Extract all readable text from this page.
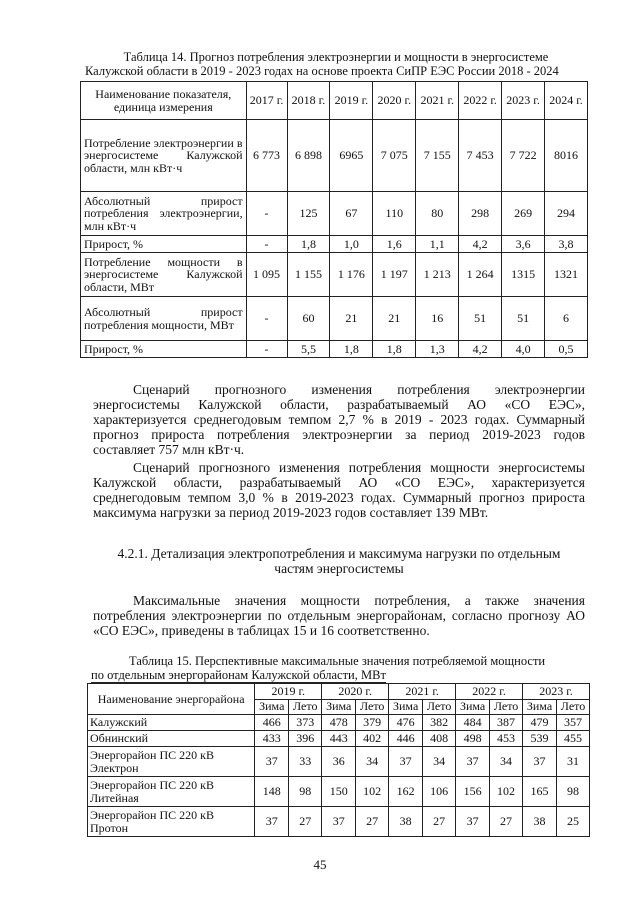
Таблица 14. Прогноз потребления электроэнергии и мощности в энергосистеме
Калужской области в 2019 - 2023 годах на основе проекта СиПР ЕЭС России 2018 - 2024
Наименование показателя, единица измерения	2017 г.	2018 г.	2019 г.	2020 г.	2021 г.	2022 г.	2023 г.	2024 г.
Потребление электроэнергии в энергосистеме Калужской области, млн кВт·ч	6 773	6 898	6965	7 075	7 155	7 453	7 722	8016
Абсолютный прирост потребления электроэнергии, млн кВт·ч	-	125	67	110	80	298	269	294
Прирост, %	-	1,8	1,0	1,6	1,1	4,2	3,6	3,8
Потребление мощности в энергосистеме Калужской области, МВт	1 095	1 155	1 176	1 197	1 213	1 264	1315	1321
Абсолютный прирост потребления мощности, МВт	-	60	21	21	16	51	51	6
Прирост, %	-	5,5	1,8	1,8	1,3	4,2	4,0	0,5

Сценарий прогнозного изменения потребления электроэнергии энергосистемы Калужской области, разрабатываемый АО «СО ЕЭС», характеризуется среднегодовым темпом 2,7 % в 2019 - 2023 годах. Суммарный прогноз прироста потребления электроэнергии за период 2019-2023 годов составляет 757 млн кВт·ч.

Сценарий прогнозного изменения потребления мощности энергосистемы Калужской области, разрабатываемый АО «СО ЕЭС», характеризуется среднегодовым темпом 3,0 % в 2019-2023 годах. Суммарный прогноз прироста максимума нагрузки за период 2019-2023 годов составляет 139 МВт.

4.2.1. Детализация электропотребления и максимума нагрузки по отдельным
частям энергосистемы

Максимальные значения мощности потребления, а также значения потребления электроэнергии по отдельным энергорайонам, согласно прогнозу АО «СО ЕЭС», приведены в таблицах 15 и 16 соответственно.

Таблица 15. Перспективные максимальные значения потребляемой мощности
по отдельным энергорайонам Калужской области, МВт
Наименование энергорайона	2019 г.		2020 г.		2021 г.		2022 г.		2023 г.	
	Зима	Лето	Зима	Лето	Зима	Лето	Зима	Лето	Зима	Лето
Калужский	466	373	478	379	476	382	484	387	479	357
Обнинский	433	396	443	402	446	408	498	453	539	455
Энергорайон ПС 220 кВ Электрон	37	33	36	34	37	34	37	34	37	31
Энергорайон ПС 220 кВ Литейная	148	98	150	102	162	106	156	102	165	98
Энергорайон ПС 220 кВ Протон	37	27	37	27	38	27	37	27	38	25
45
